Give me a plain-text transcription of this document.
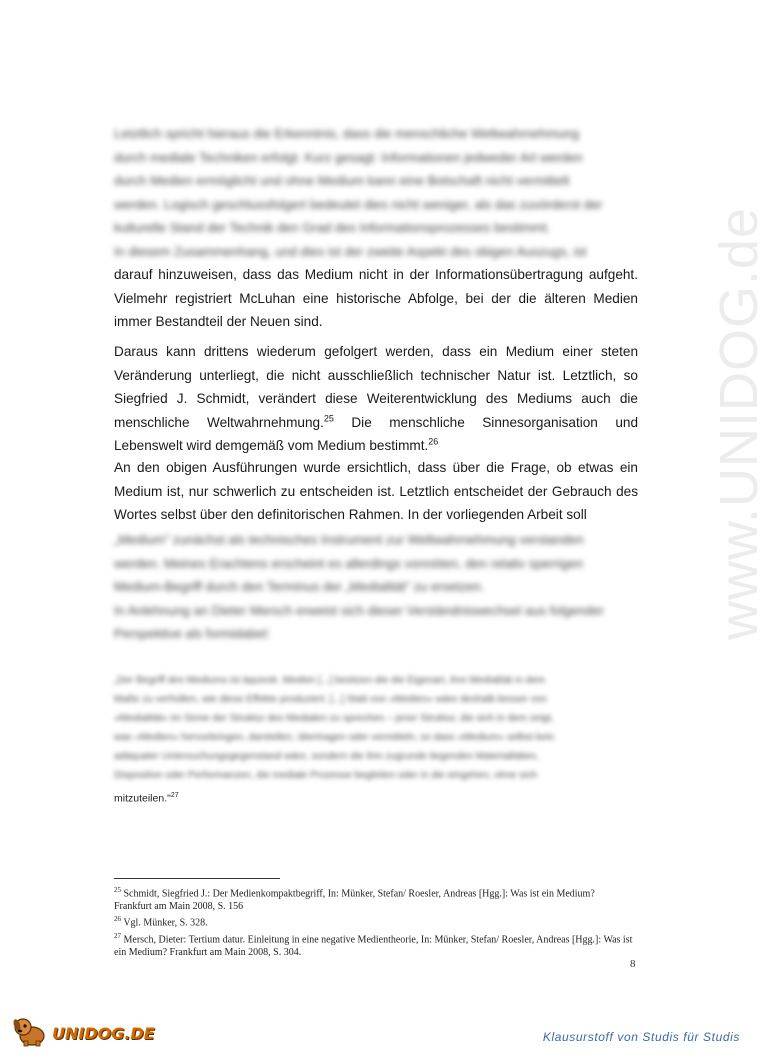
www.UNIDOG.de
Letztlich spricht hieraus die Erkenntnis, dass die menschliche Weltwahrnehmung
durch mediale Techniken erfolgt. Kurz gesagt: Informationen jedweder Art werden
durch Medien ermöglicht und ohne Medium kann eine Botschaft nicht vermittelt
werden. Logisch geschlussfolgert bedeutet dies nicht weniger, als das zuvörderst der
kulturelle Stand der Technik den Grad des Informationsprozesses bestimmt.
In diesem Zusammenhang, und dies ist der zweite Aspekt des obigen Auszugs, ist
darauf hinzuweisen, dass das Medium nicht in der Informationsübertragung aufgeht. Vielmehr registriert McLuhan eine historische Abfolge, bei der die älteren Medien immer Bestandteil der Neuen sind.
Daraus kann drittens wiederum gefolgert werden, dass ein Medium einer steten Veränderung unterliegt, die nicht ausschließlich technischer Natur ist. Letztlich, so Siegfried J. Schmidt, verändert diese Weiterentwicklung des Mediums auch die menschliche Weltwahrnehmung.$^{25}$ Die menschliche Sinnesorganisation und Lebenswelt wird demgemäß vom Medium bestimmt.$^{26}$
An den obigen Ausführungen wurde ersichtlich, dass über die Frage, ob etwas ein Medium ist, nur schwerlich zu entscheiden ist. Letztlich entscheidet der Gebrauch des Wortes selbst über den definitorischen Rahmen. In der vorliegenden Arbeit soll
„Medium" zunächst als technisches Instrument zur Weltwahrnehmung verstanden
werden. Meines Erachtens erscheint es allerdings vonnöten, den relativ sperrigen
Medium-Begriff durch den Terminus der „Medialität" zu ersetzen.
In Anlehnung an Dieter Mersch erweist sich dieser Verständniswechsel aus folgender
Perspektive als formidabel:
„Der Begriff des Mediums ist äquivok. Medien [...] besitzen die die Eigenart, ihre Medialität in dem
Maße zu verhüllen, wie diese Effekte produziert. [...] Statt von »Medien« wäre deshalb besser von
»Medialität« im Sinne der Struktur des Medialen zu sprechen – jener Struktur, die sich in dem zeigt,
was »Medien« hervorbringen, darstellen, übertragen oder vermitteln, so dass »Medium« selbst kein
adäquater Untersuchungsgegenstand wäre, sondern die ihm zugrunde liegenden Materialitäten,
Dispositive oder Performanzen, die mediale Prozesse begleiten oder in die eingehen, ohne sich
mitzuteilen."$^{27}$
$^{25}$ Schmidt, Siegfried J.: Der Medienkompaktbegriff, In: Münker, Stefan/ Roesler, Andreas [Hgg.]: Was ist ein Medium? Frankfurt am Main 2008, S. 156
$^{26}$ Vgl. Münker, S. 328.
$^{27}$ Mersch, Dieter: Tertium datur. Einleitung in eine negative Medientheorie, In: Münker, Stefan/ Roesler, Andreas [Hgg.]: Was ist ein Medium? Frankfurt am Main 2008, S. 304.
8
UNIDOG.DE	Klausurstoff von Studis für Studis
